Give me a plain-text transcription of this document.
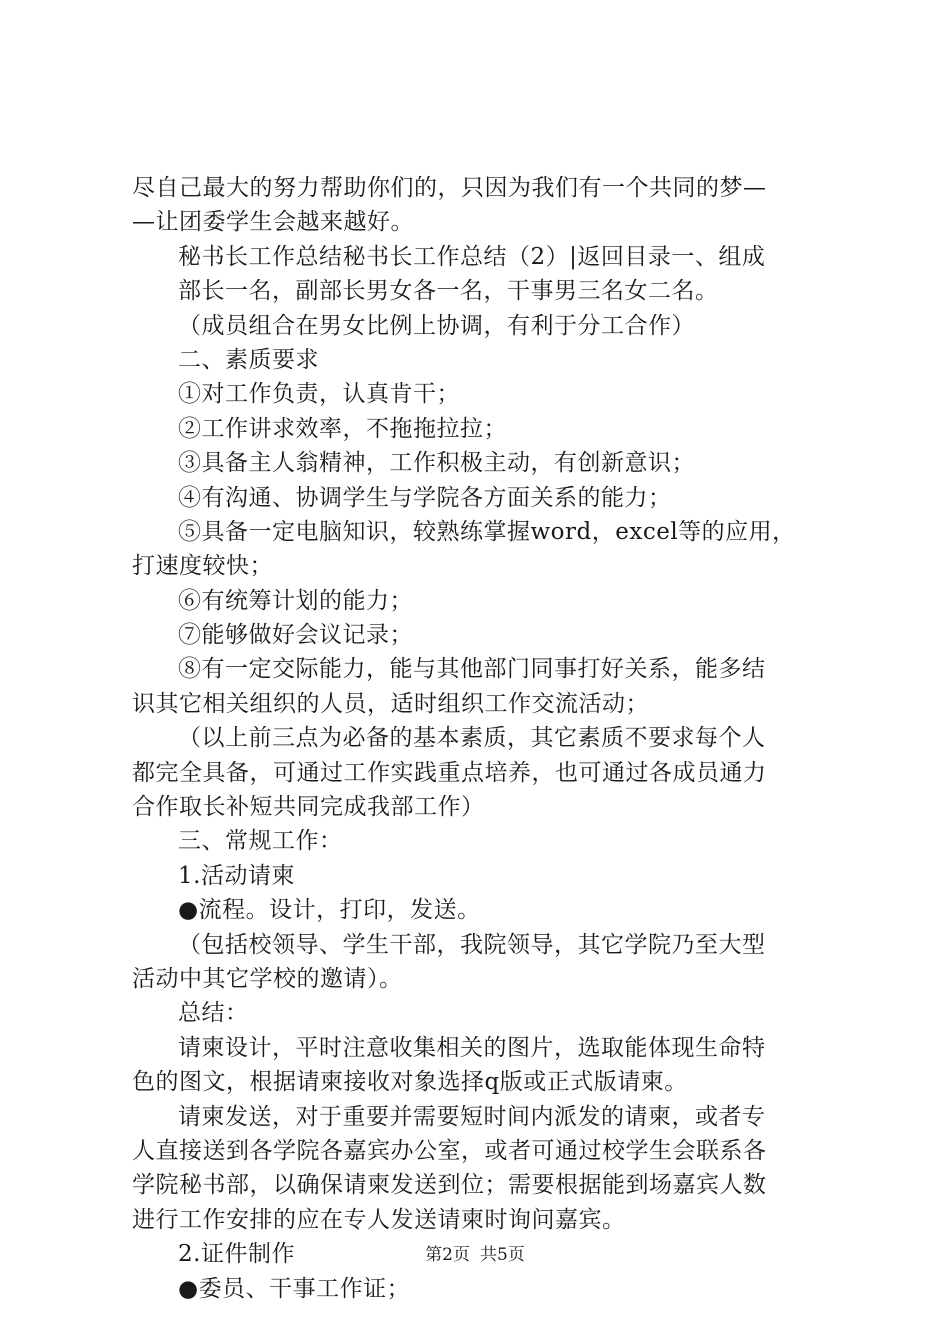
尽自己最大的努力帮助你们的，只因为我们有一个共同的梦—
—让团委学生会越来越好。
秘书长工作总结秘书长工作总结（2）|返回目录一、组成
部长一名，副部长男女各一名，干事男三名女二名。
（成员组合在男女比例上协调，有利于分工合作）
二、素质要求
①对工作负责，认真肯干；
②工作讲求效率，不拖拖拉拉；
③具备主人翁精神，工作积极主动，有创新意识；
④有沟通、协调学生与学院各方面关系的能力；
⑤具备一定电脑知识，较熟练掌握word，excel等的应用，
打速度较快；
⑥有统筹计划的能力；
⑦能够做好会议记录；
⑧有一定交际能力，能与其他部门同事打好关系，能多结
识其它相关组织的人员，适时组织工作交流活动；
（以上前三点为必备的基本素质，其它素质不要求每个人
都完全具备，可通过工作实践重点培养，也可通过各成员通力
合作取长补短共同完成我部工作）
三、常规工作：
1.活动请柬
●流程。设计，打印，发送。
（包括校领导、学生干部，我院领导，其它学院乃至大型
活动中其它学校的邀请）。
总结：
请柬设计，平时注意收集相关的图片，选取能体现生命特
色的图文，根据请柬接收对象选择q版或正式版请柬。
请柬发送，对于重要并需要短时间内派发的请柬，或者专
人直接送到各学院各嘉宾办公室，或者可通过校学生会联系各
学院秘书部，以确保请柬发送到位；需要根据能到场嘉宾人数
进行工作安排的应在专人发送请柬时询问嘉宾。
2.证件制作
●委员、干事工作证；
第2页 共5页
